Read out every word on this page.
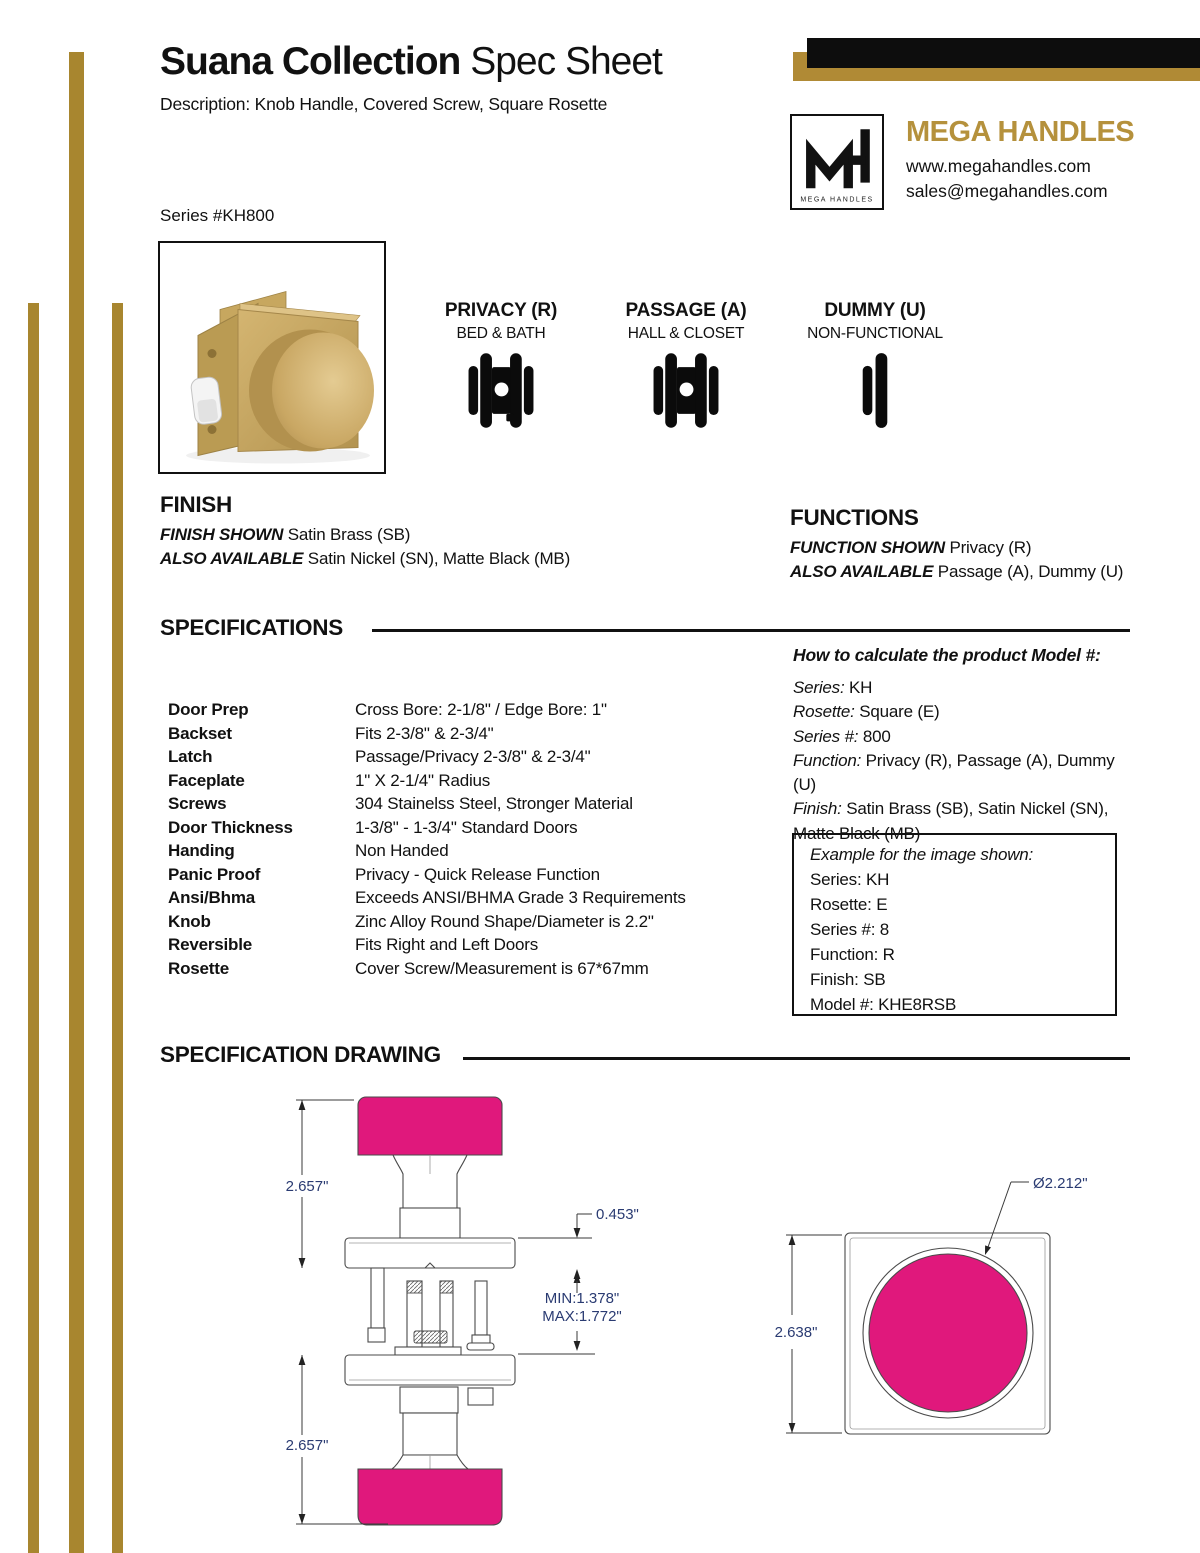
Suana Collection Spec Sheet
Description: Knob Handle, Covered Screw, Square Rosette
Series #KH800
MEGA HANDLES
MEGA HANDLES
www.megahandles.com
sales@megahandles.com
PRIVACY (R)
BED & BATH
PASSAGE (A)
HALL & CLOSET
DUMMY (U)
NON-FUNCTIONAL
FINISH
FINISH SHOWN Satin Brass (SB)
ALSO AVAILABLE Satin Nickel (SN), Matte Black (MB)
FUNCTIONS
FUNCTION SHOWN Privacy (R)
ALSO AVAILABLE Passage (A), Dummy (U)
SPECIFICATIONS
Door Prep	Cross Bore: 2-1/8" / Edge Bore: 1"
Backset	Fits 2-3/8" & 2-3/4"
Latch	Passage/Privacy 2-3/8" & 2-3/4"
Faceplate	1" X 2-1/4" Radius
Screws	304 Stainelss Steel, Stronger Material
Door Thickness	1-3/8" - 1-3/4" Standard Doors
Handing	Non Handed
Panic Proof	Privacy - Quick Release Function
Ansi/Bhma	Exceeds ANSI/BHMA Grade 3 Requirements
Knob	Zinc Alloy Round Shape/Diameter is 2.2"
Reversible	Fits Right and Left Doors
Rosette	Cover Screw/Measurement is 67*67mm
How to calculate the product Model #:
Series: KH
Rosette: Square (E)
Series #: 800
Function: Privacy (R), Passage (A), Dummy (U)
Finish: Satin Brass (SB), Satin Nickel (SN), Matte Black (MB)
Example for the image shown:
Series: KH
Rosette: E
Series #: 8
Function: R
Finish: SB
Model #: KHE8RSB
SPECIFICATION DRAWING
2.657"
2.657"
0.453"
MIN:1.378"
MAX:1.772"
2.638"
Ø2.212"
